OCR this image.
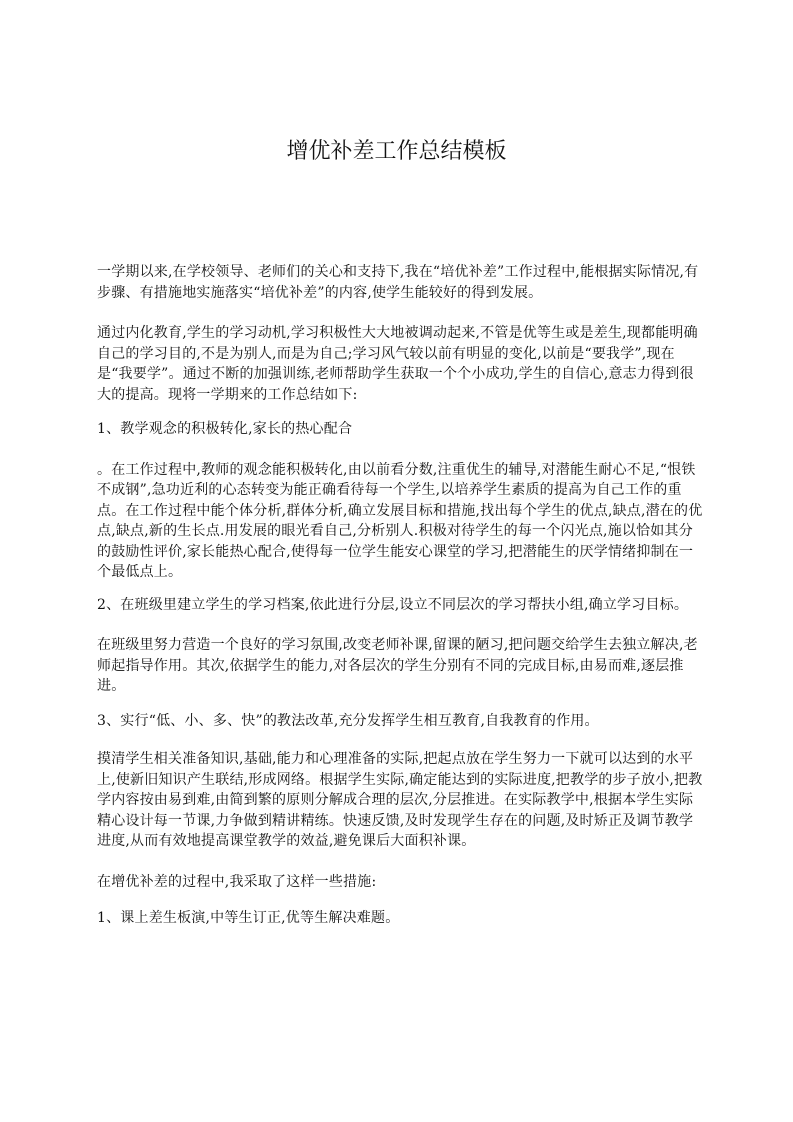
增优补差工作总结模板

一学期以来,在学校领导、老师们的关心和支持下,我在“培优补差”工作过程中,能根据实际情况,有步骤、有措施地实施落实“培优补差”的内容,使学生能较好的得到发展。

通过内化教育,学生的学习动机,学习积极性大大地被调动起来,不管是优等生或是差生,现都能明确自己的学习目的,不是为别人,而是为自己;学习风气较以前有明显的变化,以前是“要我学”,现在是“我要学”。通过不断的加强训练,老师帮助学生获取一个个小成功,学生的自信心,意志力得到很大的提高。现将一学期来的工作总结如下:

1、教学观念的积极转化,家长的热心配合

。在工作过程中,教师的观念能积极转化,由以前看分数,注重优生的辅导,对潜能生耐心不足,“恨铁不成钢”,急功近利的心态转变为能正确看待每一个学生,以培养学生素质的提高为自己工作的重点。在工作过程中能个体分析,群体分析,确立发展目标和措施,找出每个学生的优点,缺点,潜在的优点,缺点,新的生长点.用发展的眼光看自己,分析别人.积极对待学生的每一个闪光点,施以恰如其分的鼓励性评价,家长能热心配合,使得每一位学生能安心课堂的学习,把潜能生的厌学情绪抑制在一个最低点上。

2、在班级里建立学生的学习档案,依此进行分层,设立不同层次的学习帮扶小组,确立学习目标。

在班级里努力营造一个良好的学习氛围,改变老师补课,留课的陋习,把问题交给学生去独立解决,老师起指导作用。其次,依据学生的能力,对各层次的学生分别有不同的完成目标,由易而难,逐层推进。

3、实行“低、小、多、快”的教法改革,充分发挥学生相互教育,自我教育的作用。

摸清学生相关准备知识,基础,能力和心理准备的实际,把起点放在学生努力一下就可以达到的水平上,使新旧知识产生联结,形成网络。根据学生实际,确定能达到的实际进度,把教学的步子放小,把教学内容按由易到难,由简到繁的原则分解成合理的层次,分层推进。在实际教学中,根据本学生实际精心设计每一节课,力争做到精讲精练。快速反馈,及时发现学生存在的问题,及时矫正及调节教学进度,从而有效地提高课堂教学的效益,避免课后大面积补课。

在增优补差的过程中,我采取了这样一些措施:

1、课上差生板演,中等生订正,优等生解决难题。
